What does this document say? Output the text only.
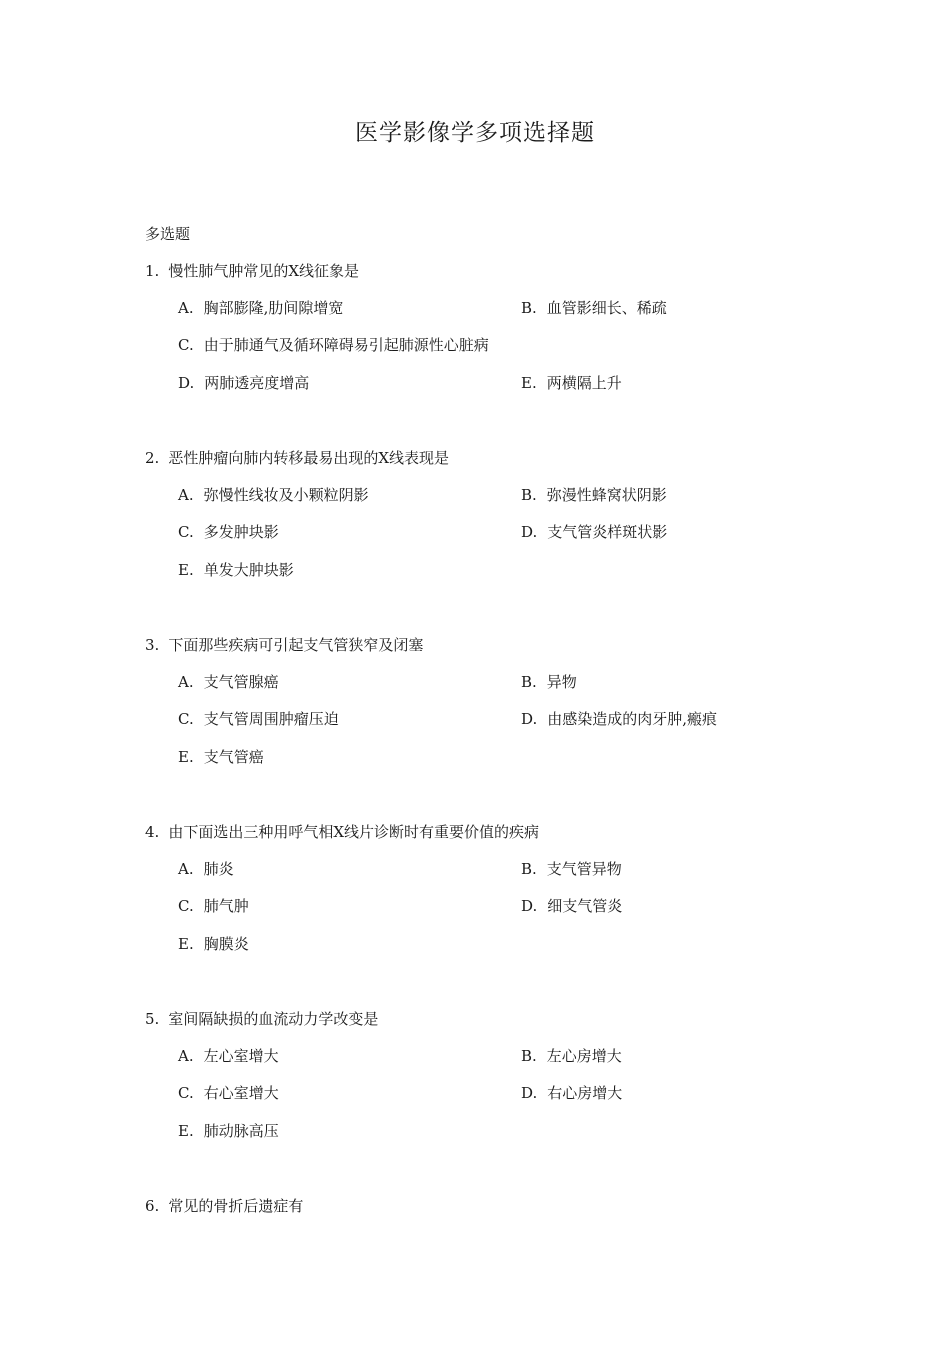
医学影像学多项选择题
多选题
1. 慢性肺气肿常见的X线征象是
A. 胸部膨隆,肋间隙增宽	B. 血管影细长、稀疏
C. 由于肺通气及循环障碍易引起肺源性心脏病
D. 两肺透亮度增高	E. 两横隔上升
2. 恶性肿瘤向肺内转移最易出现的X线表现是
A. 弥慢性线妆及小颗粒阴影	B. 弥漫性蜂窝状阴影
C. 多发肿块影	D. 支气管炎样斑状影
E. 单发大肿块影
3. 下面那些疾病可引起支气管狭窄及闭塞
A. 支气管腺癌	B. 异物
C. 支气管周围肿瘤压迫	D. 由感染造成的肉牙肿,瘢痕
E. 支气管癌
4. 由下面选出三种用呼气相X线片诊断时有重要价值的疾病
A. 肺炎	B. 支气管异物
C. 肺气肿	D. 细支气管炎
E. 胸膜炎
5. 室间隔缺损的血流动力学改变是
A. 左心室增大	B. 左心房增大
C. 右心室增大	D. 右心房增大
E. 肺动脉高压
6. 常见的骨折后遗症有
